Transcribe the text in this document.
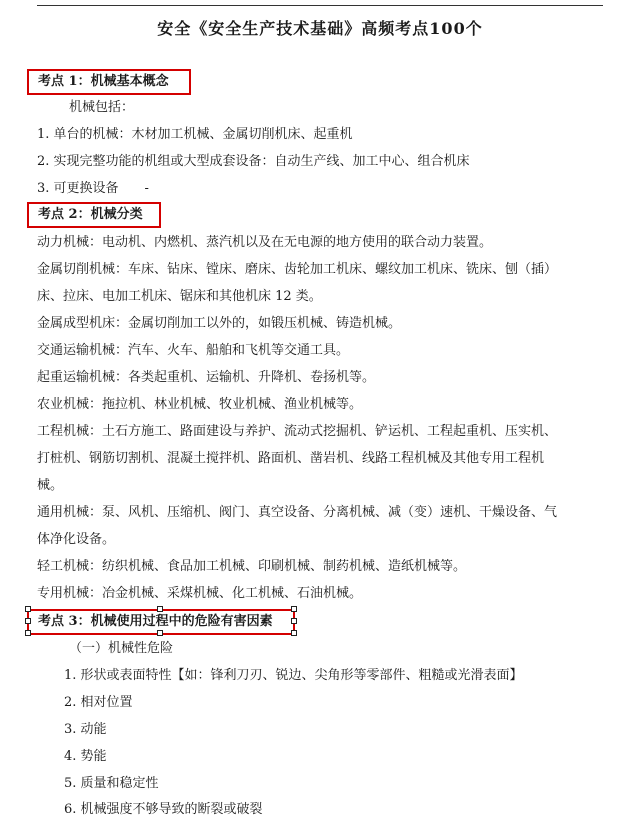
安全《安全生产技术基础》高频考点100个
考点 1：机械基本概念
机械包括：
1. 单台的机械：木材加工机械、金属切削机床、起重机
2. 实现完整功能的机组或大型成套设备：自动生产线、加工中心、组合机床
3. 可更换设备 -
考点 2：机械分类
动力机械：电动机、内燃机、蒸汽机以及在无电源的地方使用的联合动力装置。
金属切削机械：车床、钻床、镗床、磨床、齿轮加工机床、螺纹加工机床、铣床、刨（插）
床、拉床、电加工机床、锯床和其他机床 12 类。
金属成型机床：金属切削加工以外的，如锻压机械、铸造机械。
交通运输机械：汽车、火车、船舶和飞机等交通工具。
起重运输机械：各类起重机、运输机、升降机、卷扬机等。
农业机械：拖拉机、林业机械、牧业机械、渔业机械等。
工程机械：土石方施工、路面建设与养护、流动式挖掘机、铲运机、工程起重机、压实机、
打桩机、钢筋切割机、混凝土搅拌机、路面机、凿岩机、线路工程机械及其他专用工程机
械。
通用机械：泵、风机、压缩机、阀门、真空设备、分离机械、减（变）速机、干燥设备、气
体净化设备。
轻工机械：纺织机械、食品加工机械、印刷机械、制药机械、造纸机械等。
专用机械：冶金机械、采煤机械、化工机械、石油机械。
考点 3：机械使用过程中的危险有害因素
（一）机械性危险
1. 形状或表面特性【如：锋利刀刃、锐边、尖角形等零部件、粗糙或光滑表面】
2. 相对位置
3. 动能
4. 势能
5. 质量和稳定性
6. 机械强度不够导致的断裂或破裂
